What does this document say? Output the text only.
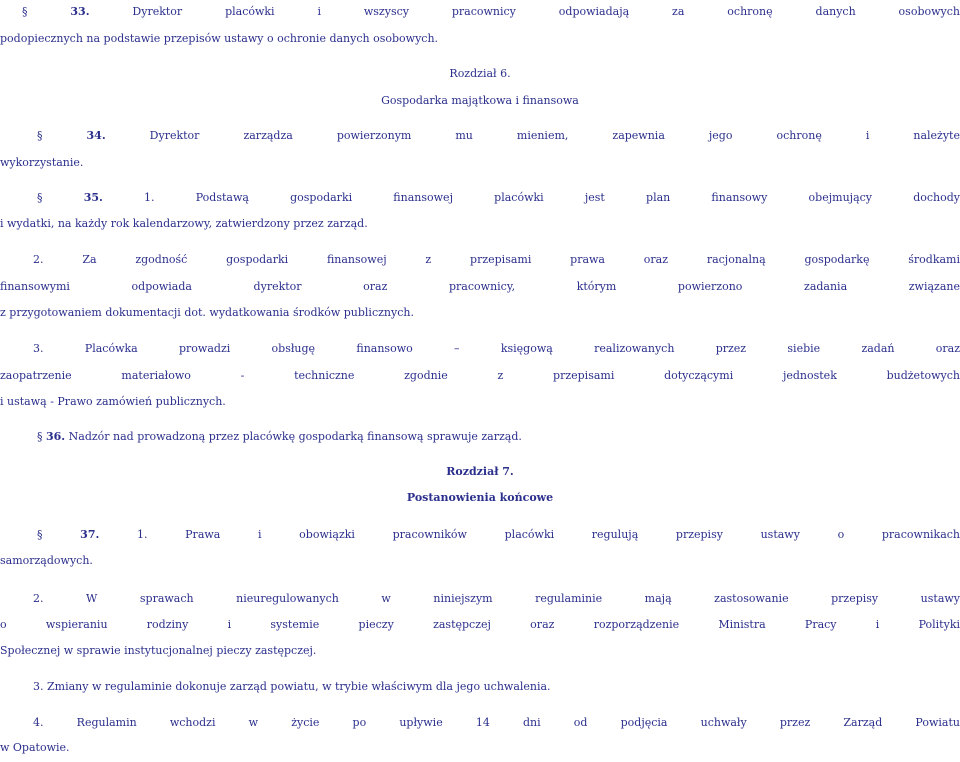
§	33.	Dyrektor placówki i wszyscy pracownicy odpowiadają za ochronę danych osobowych
podopiecznych na podstawie przepisów ustawy o ochronie danych osobowych.
Rozdział 6.
Gospodarka majątkowa i finansowa
§	34.	Dyrektor zarządza powierzonym mu mieniem, zapewnia jego ochronę i należyte
wykorzystanie.
§	35.	1.	Podstawą gospodarki finansowej placówki jest plan finansowy obejmujący dochody
i wydatki, na każdy rok kalendarzowy, zatwierdzony przez zarząd.
2.	Za zgodność gospodarki finansowej z przepisami prawa oraz racjonalną gospodarkę środkami
finansowymi odpowiada dyrektor oraz pracownicy, którym powierzono zadania związane
z przygotowaniem dokumentacji dot. wydatkowania środków publicznych.
3.	Placówka prowadzi obsługę finansowo – księgową realizowanych przez siebie zadań oraz
zaopatrzenie materiałowo - techniczne zgodnie z przepisami dotyczącymi jednostek budżetowych
i ustawą - Prawo zamówień publicznych.
§ 36. Nadzór nad prowadzoną przez placówkę gospodarką finansową sprawuje zarząd.
Rozdział 7.
Postanowienia końcowe
§	37.	1.	Prawa i obowiązki pracowników placówki regulują przepisy ustawy o pracownikach
samorządowych.
2.	W sprawach nieuregulowanych w niniejszym regulaminie mają zastosowanie przepisy ustawy
o wspieraniu rodziny i systemie pieczy zastępczej oraz rozporządzenie Ministra Pracy i Polityki
Społecznej w sprawie instytucjonalnej pieczy zastępczej.
3. Zmiany w regulaminie dokonuje zarząd powiatu, w trybie właściwym dla jego uchwalenia.
4.	Regulamin wchodzi w życie po upływie 14 dni od podjęcia uchwały przez Zarząd Powiatu
w Opatowie.
